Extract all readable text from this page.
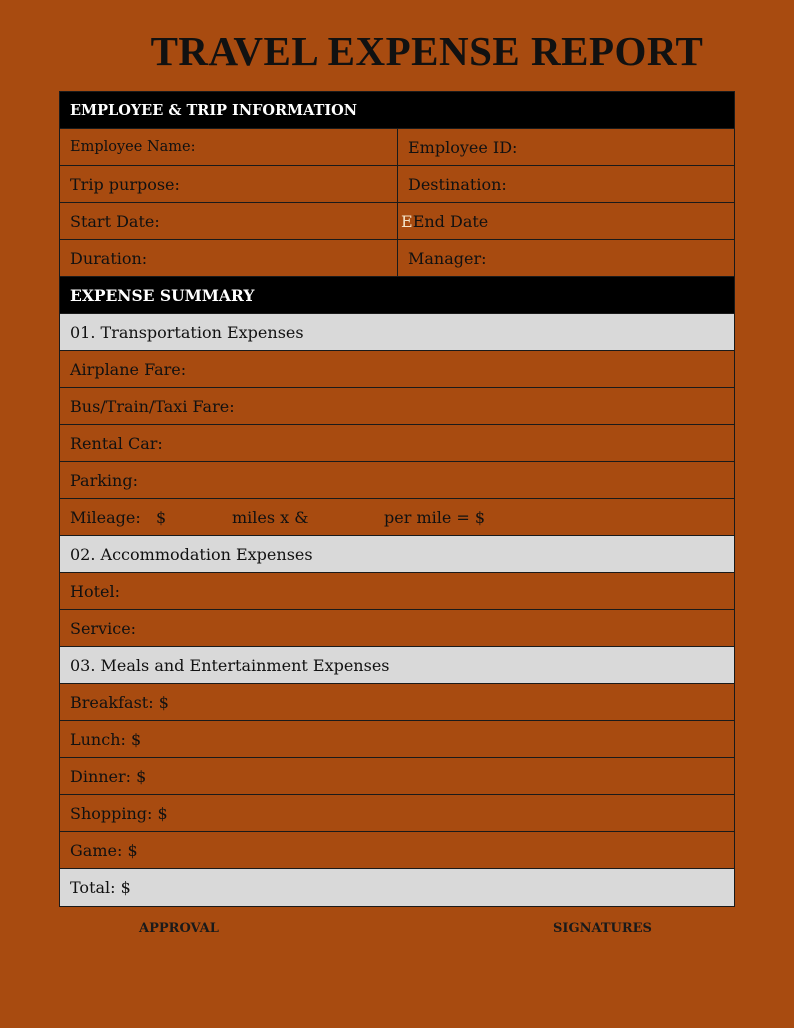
TRAVEL EXPENSE REPORT
EMPLOYEE & TRIP INFORMATION
Employee Name:	Employee ID:
Trip purpose:	Destination:
Start Date:	E End Date
Duration:	Manager:
EXPENSE SUMMARY
01. Transportation Expenses
Airplane Fare:
Bus/Train/Taxi Fare:
Rental Car:
Parking:
Mileage: $	miles x &	per mile = $
02. Accommodation Expenses
Hotel:
Service:
03. Meals and Entertainment Expenses
Breakfast: $
Lunch: $
Dinner: $
Shopping: $
Game: $
Total: $
APPROVAL	SIGNATURES
